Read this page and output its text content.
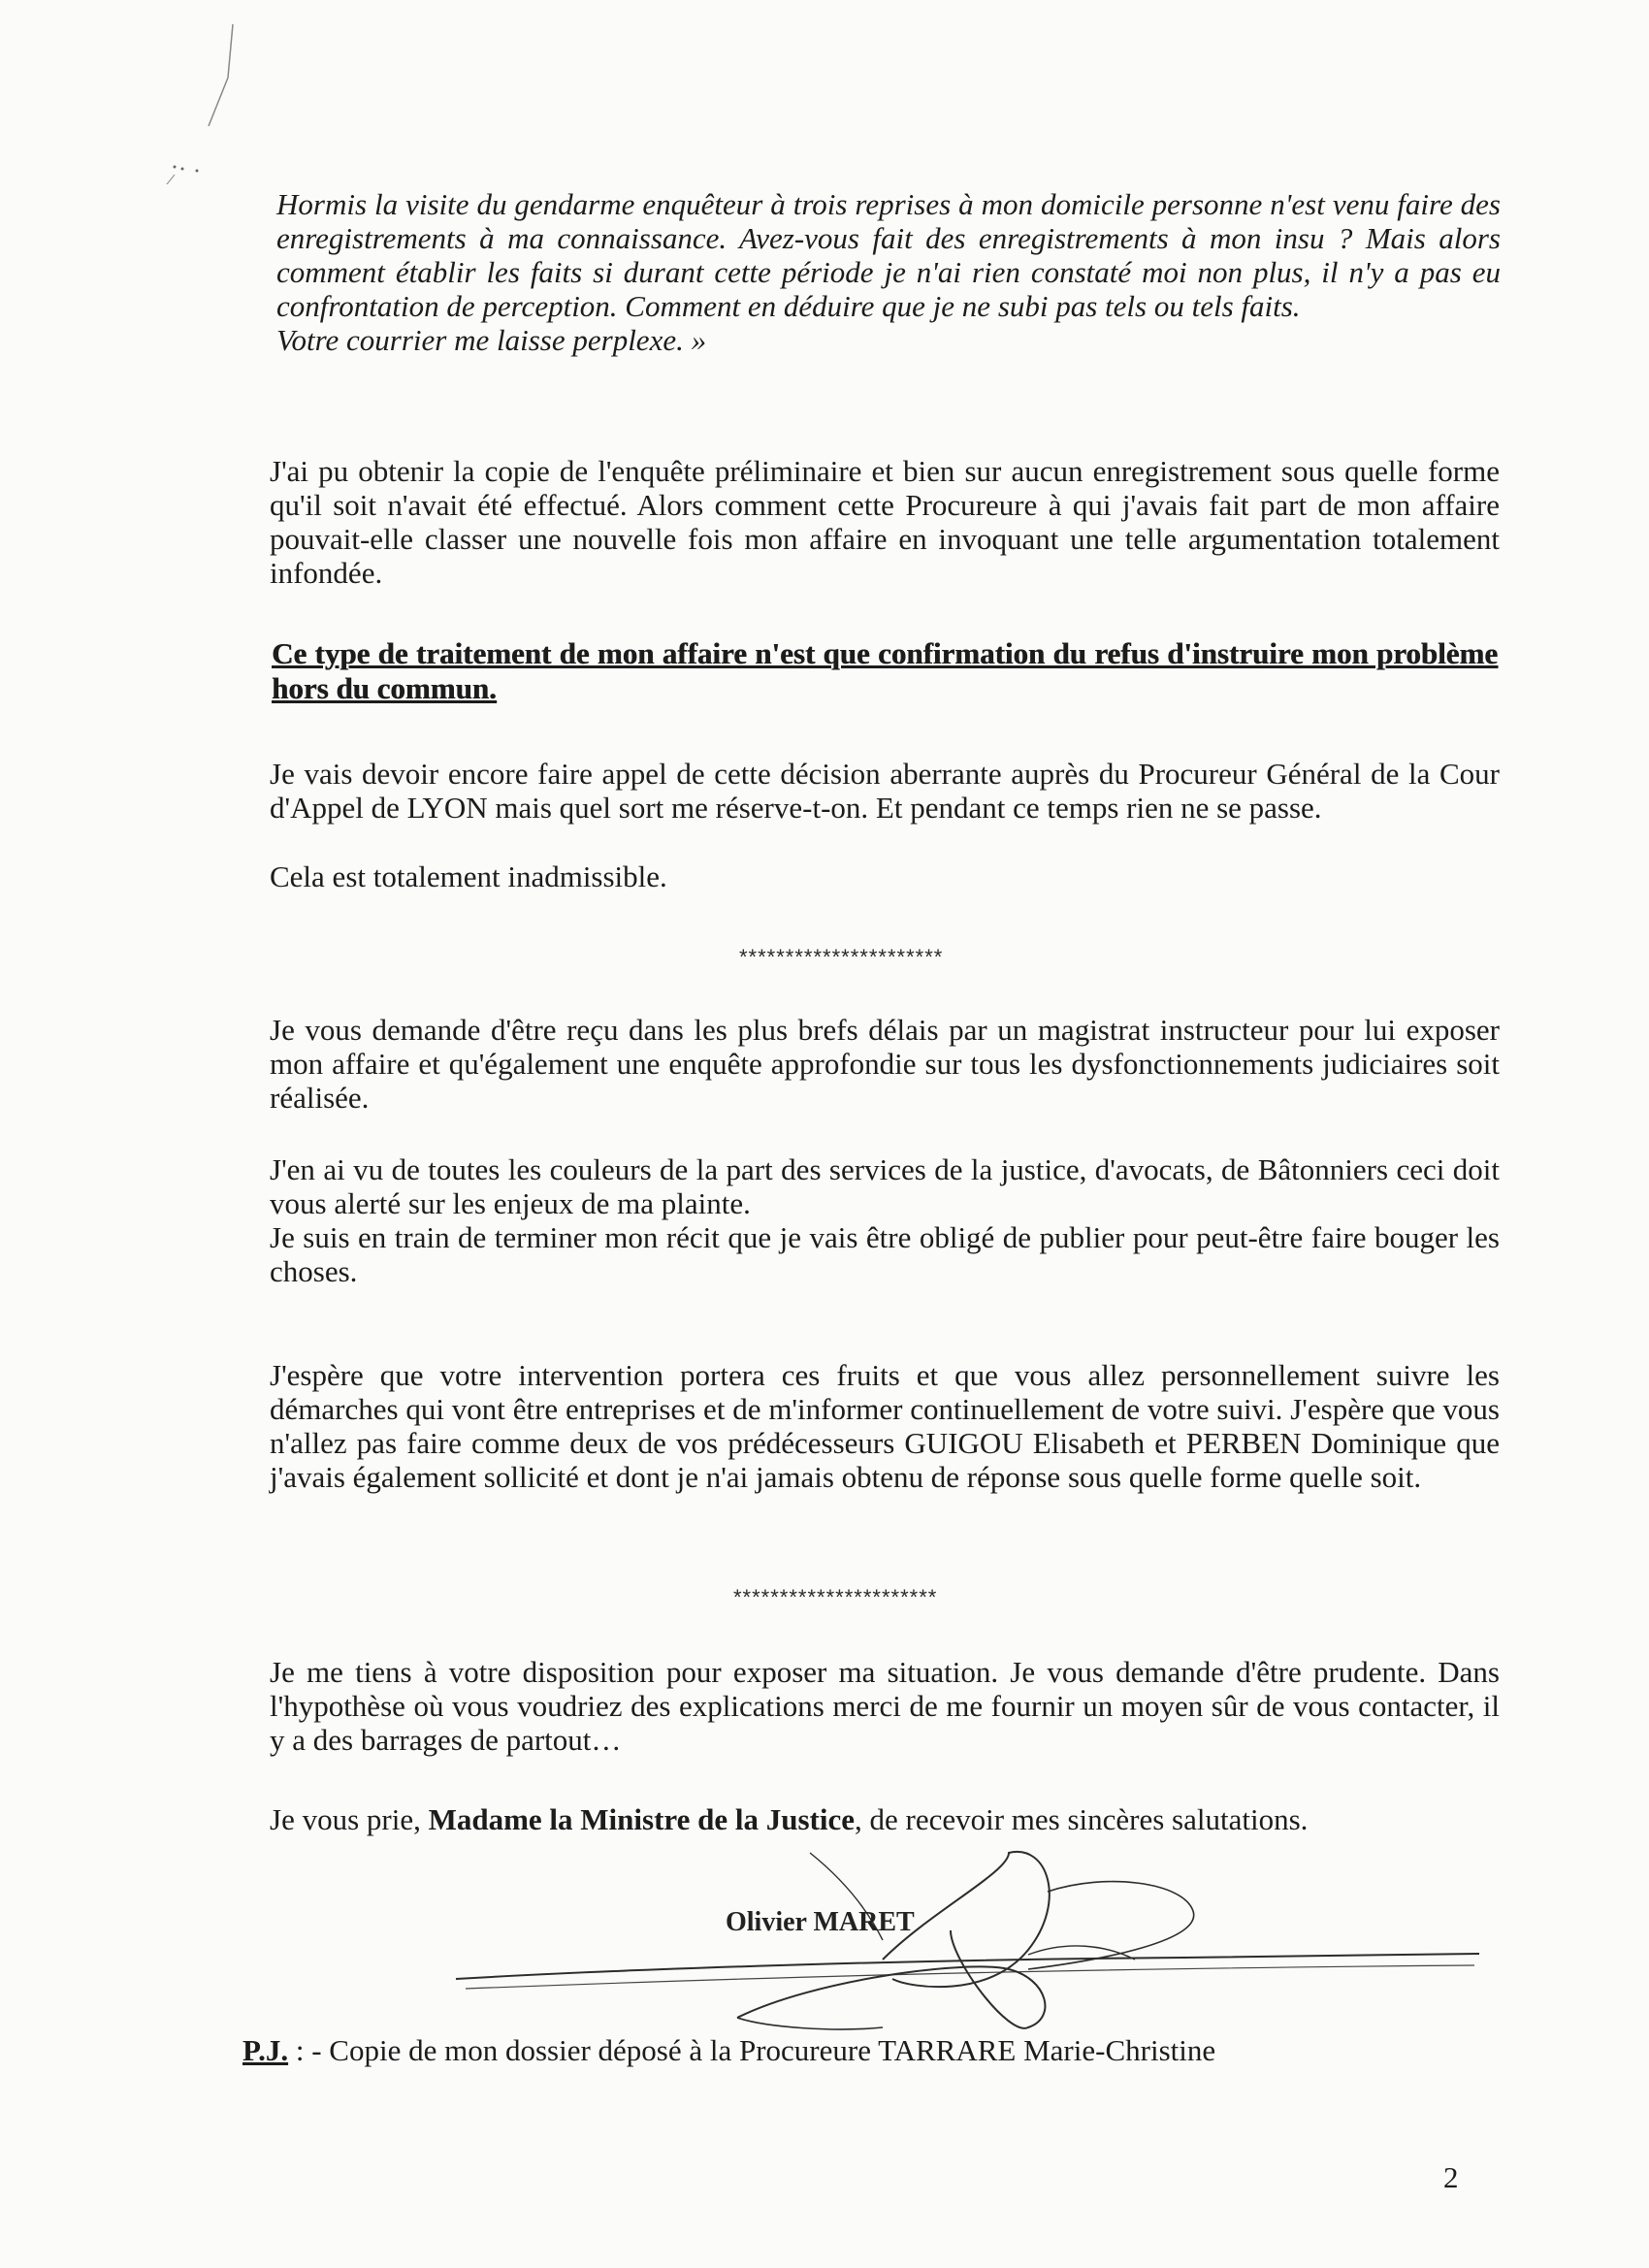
Hormis la visite du gendarme enquêteur à trois reprises à mon domicile personne n'est venu faire des enregistrements à ma connaissance. Avez-vous fait des enregistrements à mon insu ? Mais alors comment établir les faits si durant cette période je n'ai rien constaté moi non plus, il n'y a pas eu confrontation de perception. Comment en déduire que je ne subi pas tels ou tels faits.
Votre courrier me laisse perplexe. »

J'ai pu obtenir la copie de l'enquête préliminaire et bien sur aucun enregistrement sous quelle forme qu'il soit n'avait été effectué. Alors comment cette Procureure à qui j'avais fait part de mon affaire pouvait-elle classer une nouvelle fois mon affaire en invoquant une telle argumentation totalement infondée.

Ce type de traitement de mon affaire n'est que confirmation du refus d'instruire mon problème hors du commun.

Je vais devoir encore faire appel de cette décision aberrante auprès du Procureur Général de la Cour d'Appel de LYON mais quel sort me réserve-t-on. Et pendant ce temps rien ne se passe.

Cela est totalement inadmissible.

**********************

Je vous demande d'être reçu dans les plus brefs délais par un magistrat instructeur pour lui exposer mon affaire et qu'également une enquête approfondie sur tous les dysfonctionnements judiciaires soit réalisée.

J'en ai vu de toutes les couleurs de la part des services de la justice, d'avocats, de Bâtonniers ceci doit vous alerté sur les enjeux de ma plainte.
Je suis en train de terminer mon récit que je vais être obligé de publier pour peut-être faire bouger les choses.

J'espère que votre intervention portera ces fruits et que vous allez personnellement suivre les démarches qui vont être entreprises et de m'informer continuellement de votre suivi. J'espère que vous n'allez pas faire comme deux de vos prédécesseurs GUIGOU Elisabeth et PERBEN Dominique que j'avais également sollicité et dont je n'ai jamais obtenu de réponse sous quelle forme quelle soit.

**********************

Je me tiens à votre disposition pour exposer ma situation. Je vous demande d'être prudente. Dans l'hypothèse où vous voudriez des explications merci de me fournir un moyen sûr de vous contacter, il y a des barrages de partout…

Je vous prie, Madame la Ministre de la Justice, de recevoir mes sincères salutations.

Olivier MARET

P.J. : - Copie de mon dossier déposé à la Procureure TARRARE Marie-Christine

2
